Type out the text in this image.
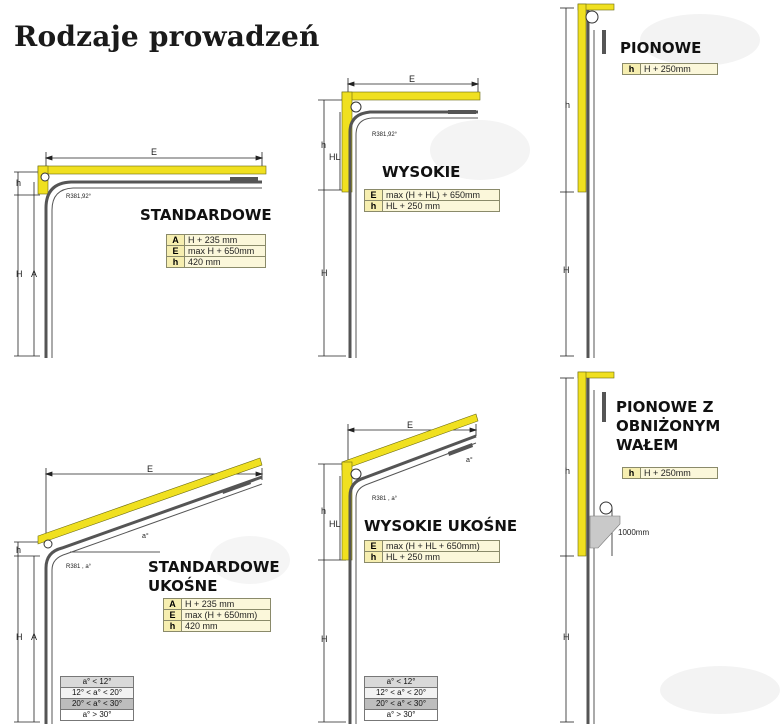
Rodzaje prowadzeń
E
h
H A
R381,92°
STANDARDOWE
A	H + 235 mm
E	max H + 650mm
h	420 mm
E
h
HL
H
R381,92°
WYSOKIE
E	max (H + HL) + 650mm
h	HL + 250 mm
h
H
PIONOWE
h	H + 250mm
E
h
H A
a°
R381 , a°	STANDARDOWE
UKOŚNE
A	H + 235 mm
E	max (H + 650mm)
h	420 mm
a° < 12°
12° < a° < 20°
20° < a° < 30°
a° > 30°
E
h
HL
H
a°
R381 , a°
WYSOKIE UKOŚNE
E	max (H + HL + 650mm)
h	HL + 250 mm
a° < 12°
12° < a° < 20°
20° < a° < 30°
a° > 30°
h
H
1000mm
PIONOWE Z
OBNIŻONYM
WAŁEM
h	H + 250mm
